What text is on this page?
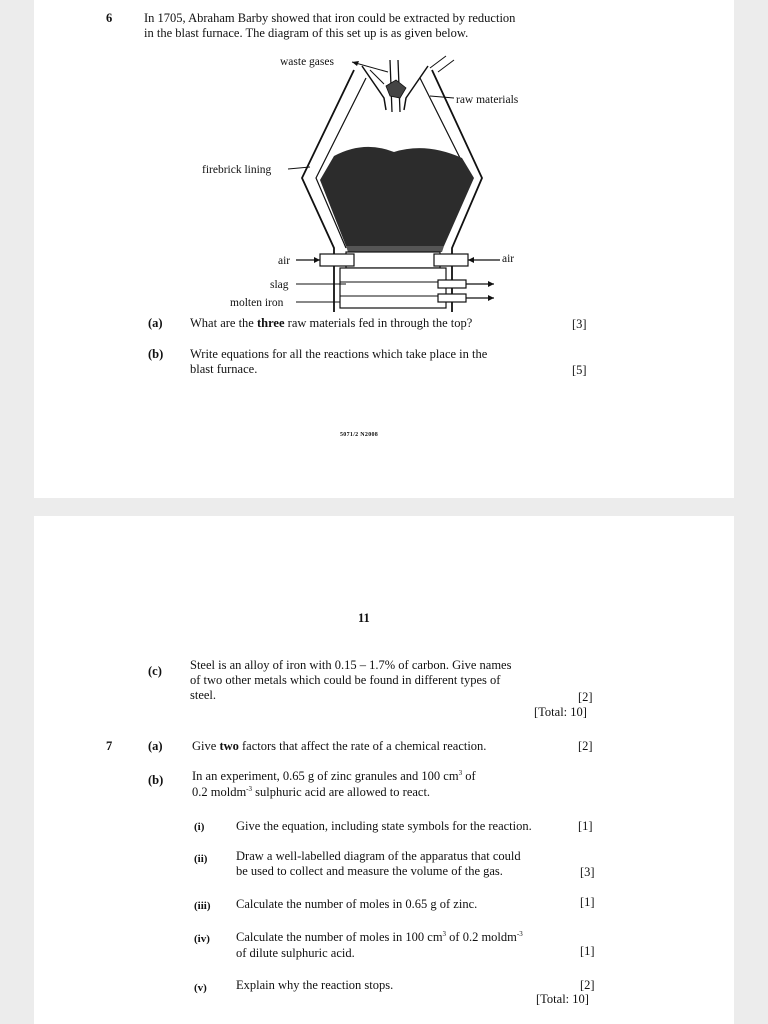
6	In 1705, Abraham Barby showed that iron could be extracted by reduction
in the blast furnace. The diagram of this set up is as given below.
waste gases
raw materials
firebrick lining
air	air
slag
molten iron
(a) What are the three raw materials fed in through the top?	[3]
(b) Write equations for all the reactions which take place in the
blast furnace.	[5]
5071/2 N2008
11
(c) Steel is an alloy of iron with 0.15 – 1.7% of carbon. Give names
of two other metals which could be found in different types of
steel.	[2]
[Total: 10]
7	(a) Give two factors that affect the rate of a chemical reaction.	[2]
(b) In an experiment, 0.65 g of zinc granules and 100 $cm^3$ of
0.2 moldm$^{-3}$ sulphuric acid are allowed to react.
(i)	Give the equation, including state symbols for the reaction.	[1]
(ii) Draw a well-labelled diagram of the apparatus that could
be used to collect and measure the volume of the gas.	[3]
(iii) Calculate the number of moles in 0.65 g of zinc.	[1]
(iv) Calculate the number of moles in 100 $cm^3$ of 0.2 moldm$^{-3}$
of dilute sulphuric acid.	[1]
(v) Explain why the reaction stops.	[2]
[Total: 10]
